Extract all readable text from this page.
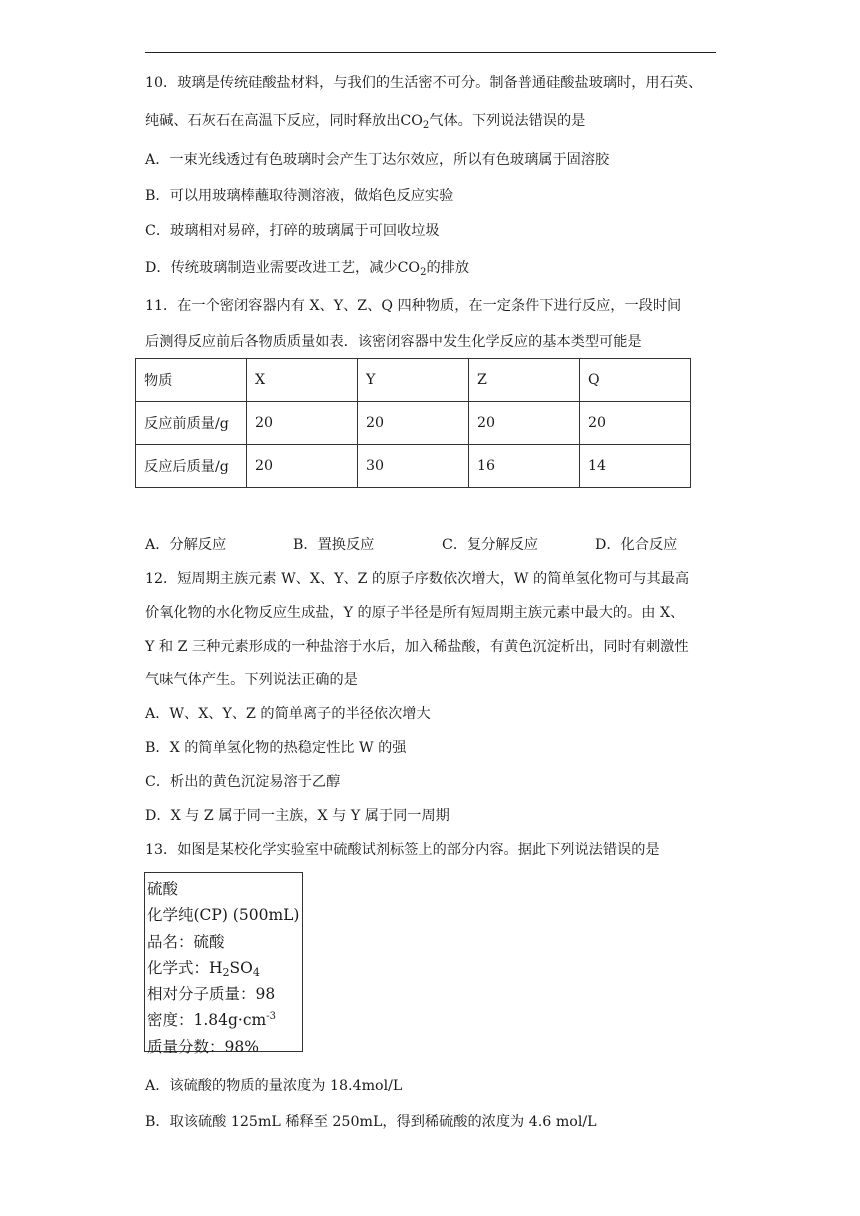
10．玻璃是传统硅酸盐材料，与我们的生活密不可分。制备普通硅酸盐玻璃时，用石英、
纯碱、石灰石在高温下反应，同时释放出$CO_2$气体。下列说法错误的是
A．一束光线透过有色玻璃时会产生丁达尔效应，所以有色玻璃属于固溶胶
B．可以用玻璃棒蘸取待测溶液，做焰色反应实验
C．玻璃相对易碎，打碎的玻璃属于可回收垃圾
D．传统玻璃制造业需要改进工艺，减少$CO_2$的排放
11．在一个密闭容器内有 X、Y、Z、Q 四种物质，在一定条件下进行反应，一段时间
后测得反应前后各物质质量如表．该密闭容器中发生化学反应的基本类型可能是
物质	X	Y	Z	Q
反应前质量/g	20	20	20	20
反应后质量/g	20	30	16	14
A．分解反应	B．置换反应	C．复分解反应	D．化合反应
12．短周期主族元素 W、X、Y、Z 的原子序数依次增大，W 的简单氢化物可与其最高
价氧化物的水化物反应生成盐，Y 的原子半径是所有短周期主族元素中最大的。由 X、
Y 和 Z 三种元素形成的一种盐溶于水后，加入稀盐酸，有黄色沉淀析出，同时有刺激性
气味气体产生。下列说法正确的是
A．W、X、Y、Z 的简单离子的半径依次增大
B．X 的简单氢化物的热稳定性比 W 的强
C．析出的黄色沉淀易溶于乙醇
D．X 与 Z 属于同一主族，X 与 Y 属于同一周期
13．如图是某校化学实验室中硫酸试剂标签上的部分内容。据此下列说法错误的是
硫酸
化学纯(CP) (500mL)
品名：硫酸
化学式：$H_2SO_4$
相对分子质量：98
密度：$1.84g\cdot cm^{-3}$
质量分数：98%
A．该硫酸的物质的量浓度为 18.4mol/L
B．取该硫酸 125mL 稀释至 250mL，得到稀硫酸的浓度为 4.6 mol/L
